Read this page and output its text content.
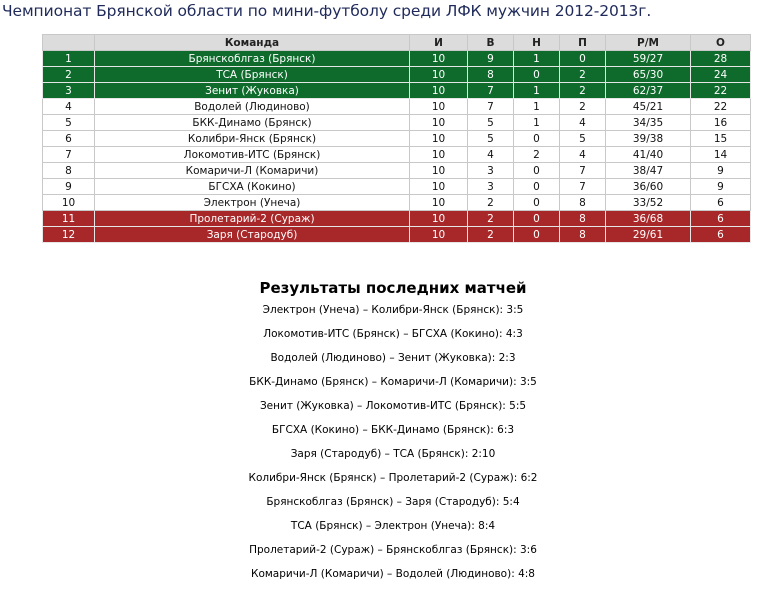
Чемпионат Брянской области по мини-футболу среди ЛФК мужчин 2012-2013г.
	Команда	И	В	Н	П	Р/М	О
1	Брянскоблгаз (Брянск)	10	9	1	0	59/27	28
2	ТСА (Брянск)	10	8	0	2	65/30	24
3	Зенит (Жуковка)	10	7	1	2	62/37	22
4	Водолей (Людиново)	10	7	1	2	45/21	22
5	БКК-Динамо (Брянск)	10	5	1	4	34/35	16
6	Колибри-Янск (Брянск)	10	5	0	5	39/38	15
7	Локомотив-ИТС (Брянск)	10	4	2	4	41/40	14
8	Комаричи-Л (Комаричи)	10	3	0	7	38/47	9
9	БГСХА (Кокино)	10	3	0	7	36/60	9
10	Электрон (Унеча)	10	2	0	8	33/52	6
11	Пролетарий-2 (Сураж)	10	2	0	8	36/68	6
12	Заря (Стародуб)	10	2	0	8	29/61	6
Результаты последних матчей
Электрон (Унеча) – Колибри-Янск (Брянск): 3:5
Локомотив-ИТС (Брянск) – БГСХА (Кокино): 4:3
Водолей (Людиново) – Зенит (Жуковка): 2:3
БКК-Динамо (Брянск) – Комаричи-Л (Комаричи): 3:5
Зенит (Жуковка) – Локомотив-ИТС (Брянск): 5:5
БГСХА (Кокино) – БКК-Динамо (Брянск): 6:3
Заря (Стародуб) – ТСА (Брянск): 2:10
Колибри-Янск (Брянск) – Пролетарий-2 (Сураж): 6:2
Брянскоблгаз (Брянск) – Заря (Стародуб): 5:4
ТСА (Брянск) – Электрон (Унеча): 8:4
Пролетарий-2 (Сураж) – Брянскоблгаз (Брянск): 3:6
Комаричи-Л (Комаричи) – Водолей (Людиново): 4:8
